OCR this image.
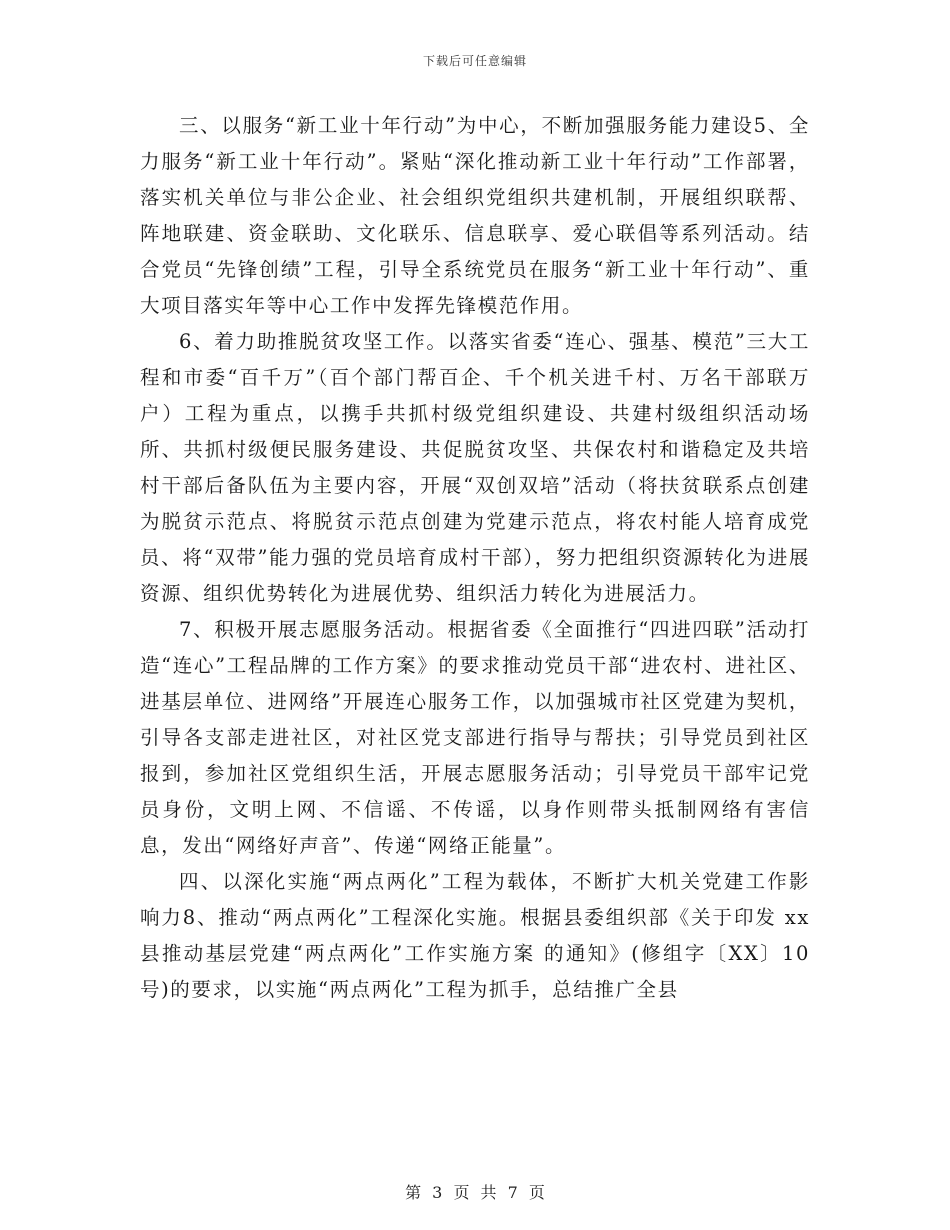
下载后可任意编辑

三、以服务“新工业十年行动”为中心，不断加强服务能力建设5、全力服务“新工业十年行动”。紧贴“深化推动新工业十年行动”工作部署，落实机关单位与非公企业、社会组织党组织共建机制，开展组织联帮、阵地联建、资金联助、文化联乐、信息联享、爱心联倡等系列活动。结合党员“先锋创绩”工程，引导全系统党员在服务“新工业十年行动”、重大项目落实年等中心工作中发挥先锋模范作用。

6、着力助推脱贫攻坚工作。以落实省委“连心、强基、模范”三大工程和市委“百千万”（百个部门帮百企、千个机关进千村、万名干部联万户）工程为重点，以携手共抓村级党组织建设、共建村级组织活动场所、共抓村级便民服务建设、共促脱贫攻坚、共保农村和谐稳定及共培村干部后备队伍为主要内容，开展“双创双培”活动（将扶贫联系点创建为脱贫示范点、将脱贫示范点创建为党建示范点，将农村能人培育成党员、将“双带”能力强的党员培育成村干部），努力把组织资源转化为进展资源、组织优势转化为进展优势、组织活力转化为进展活力。

7、积极开展志愿服务活动。根据省委《全面推行“四进四联”活动打造“连心”工程品牌的工作方案》的要求推动党员干部“进农村、进社区、进基层单位、进网络”开展连心服务工作，以加强城市社区党建为契机，引导各支部走进社区，对社区党支部进行指导与帮扶；引导党员到社区报到，参加社区党组织生活，开展志愿服务活动；引导党员干部牢记党员身份，文明上网、不信谣、不传谣，以身作则带头抵制网络有害信息，发出“网络好声音”、传递“网络正能量”。

四、以深化实施“两点两化”工程为载体，不断扩大机关党建工作影响力8、推动“两点两化”工程深化实施。根据县委组织部《关于印发 xx县推动基层党建“两点两化”工作实施方案 的通知》(修组字〔XX〕10号)的要求，以实施“两点两化”工程为抓手，总结推广全县

第 3 页 共 7 页
